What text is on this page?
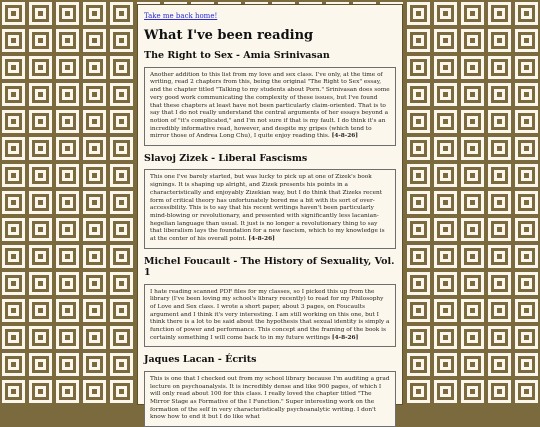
Take me back home!
What I've been reading
The Right to Sex - Amia Srinivasan
Another addition to this list from my love and sex class. I've only, at the time of writing, read 2 chapters from this, being the original "The Right to Sex" essay, and the chapter titled "Talking to my students about Porn." Srinivasan does some very good work communicating the complexity of these issues, but I've found that these chapters at least have not been particularly claim-oriented. That is to say that I do not really understand the central arguments of her essays beyond a notion of "it's complicated," and I'm not sure if that is my fault. I do think it's an incredibly informative read, however, and despite my gripes (which tend to mirror those of Andrea Long Chu), I quite enjoy reading this. [4-8-26]
Slavoj Zizek - Liberal Fascisms
This one I've barely started, but was lucky to pick up at one of Zizek's book signings. It is shaping up alright, and Zizek presents his points in a characteristically and enjoyably Zizekian way, but I do think that Zizeks recent form of critical theory has unfortunately bored me a bit with its sort of over-accessibility. This is to say that his recent writings haven't been particularly mind-blowing or revolutionary, and presented with significantly less lacanian-hegelian language than usual. It just is no longer a revolutionary thing to say that liberalism lays the foundation for a new fascism, which to my knowledge is at the center of his overall point. [4-8-26]
Michel Foucault - The History of Sexuality, Vol. 1
I hate reading scanned PDF files for my classes, so I picked this up from the library (I've been loving my school's library recently) to read for my Philosophy of Love and Sex class. I wrote a short paper, about 3 pages, on Foucaults argument and I think it's very interesting. I am still working on this one, but I think there is a lot to be said about the hypothesis that sexual identity is simply a function of power and performance. This concept and the framing of the book is certainly something I will come back to in my future writings [4-8-26]
Jaques Lacan - Écrits
This is one that I checked out from my school library because I'm auditing a grad lecture on psychoanalysis. It is incredibly dense and like 900 pages, of which I will only read about 100 for this class. I really loved the chapter titled "The Mirror Stage as Formative of the I Function." Super interesting work on the formation of the self in very characteristically psychoanalytic writing. I don't know how to end it but I do like what
